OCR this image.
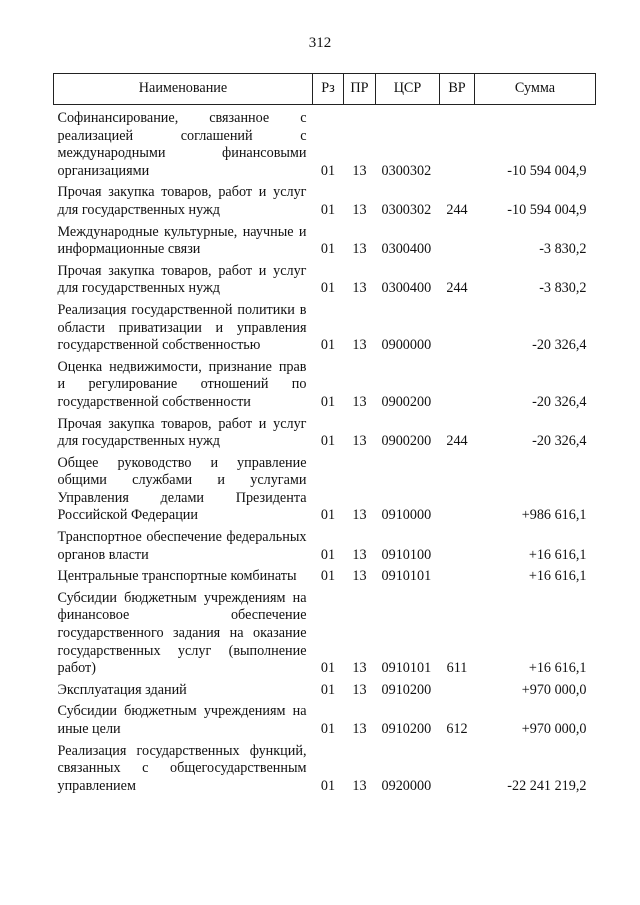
312
Наименование	Рз	ПР	ЦСР	ВР	Сумма
Софинансирование, связанное с реализацией соглашений с международными финансовыми организациями	01	13	0300302		-10 594 004,9
Прочая закупка товаров, работ и услуг для государственных нужд	01	13	0300302	244	-10 594 004,9
Международные культурные, научные и информационные связи	01	13	0300400		-3 830,2
Прочая закупка товаров, работ и услуг для государственных нужд	01	13	0300400	244	-3 830,2
Реализация государственной политики в области приватизации и управления государственной собственностью	01	13	0900000		-20 326,4
Оценка недвижимости, признание прав и регулирование отношений по государственной собственности	01	13	0900200		-20 326,4
Прочая закупка товаров, работ и услуг для государственных нужд	01	13	0900200	244	-20 326,4
Общее руководство и управление общими службами и услугами Управления делами Президента Российской Федерации	01	13	0910000		+986 616,1
Транспортное обеспечение федеральных органов власти	01	13	0910100		+16 616,1
Центральные транспортные комбинаты	01	13	0910101		+16 616,1
Субсидии бюджетным учреждениям на финансовое обеспечение государственного задания на оказание государственных услуг (выполнение работ)	01	13	0910101	611	+16 616,1
Эксплуатация зданий	01	13	0910200		+970 000,0
Субсидии бюджетным учреждениям на иные цели	01	13	0910200	612	+970 000,0
Реализация государственных функций, связанных с общегосударственным управлением	01	13	0920000		-22 241 219,2
